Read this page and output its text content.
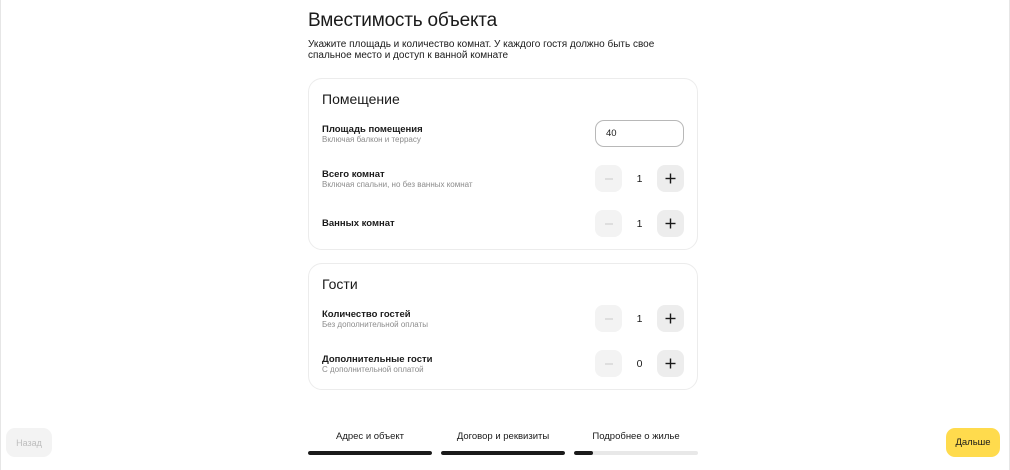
Вместимость объекта

Укажите площадь и количество комнат. У каждого гостя должно быть свое спальное место и доступ к ванной комнате

Помещение
Площадь помещения
Включая балкон и террасу
40
Всего комнат
Включая спальни, но без ванных комнат	1
Ванных комнат	1
Гости
Количество гостей
Без дополнительной оплаты	1
Дополнительные гости
С дополнительной оплатой	0
Назад
Адрес и объект	Договор и реквизиты	Подробнее о жилье
Дальше
